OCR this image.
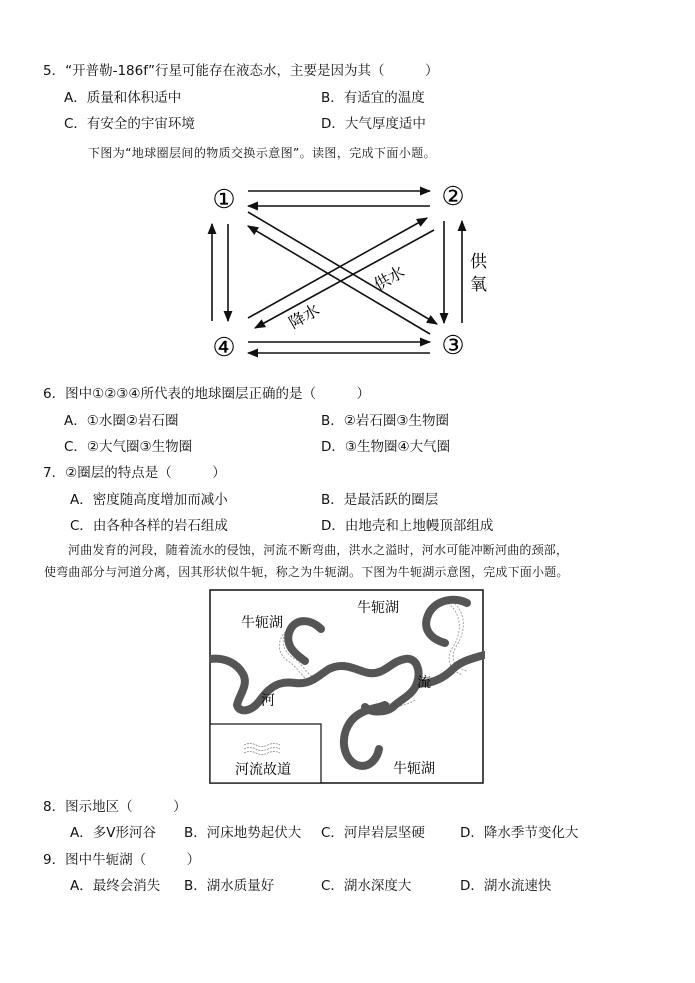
5．“开普勒-186f”行星可能存在液态水，主要是因为其（　　　）
A．质量和体积适中	B．有适宜的温度
C．有安全的宇宙环境	D．大气厚度适中
下图为“地球圈层间的物质交换示意图”。读图，完成下面小题。
①	②
③
④
供水
降水
供
氧
6．图中①②③④所代表的地球圈层正确的是（　　　）
A．①水圈②岩石圈	B．②岩石圈③生物圈
C．②大气圈③生物圈	D．③生物圈④大气圈
7．②圈层的特点是（　　　）
A．密度随高度增加而减小	B．是最活跃的圈层
C．由各种各样的岩石组成	D．由地壳和上地幔顶部组成
河曲发育的河段，随着流水的侵蚀，河流不断弯曲，洪水之溢时，河水可能冲断河曲的颈部，
使弯曲部分与河道分离，因其形状似牛轭，称之为牛轭湖。下图为牛轭湖示意图，完成下面小题。
河流故道
牛轭湖
牛轭湖
牛轭湖
河
流
8．图示地区（　　　）
A．多V形河谷 B．河床地势起伏大 C．河岸岩层坚硬	D．降水季节变化大
9．图中牛轭湖（　　　）
A．最终会消失 B．湖水质量好	C．湖水深度大	D．湖水流速快
